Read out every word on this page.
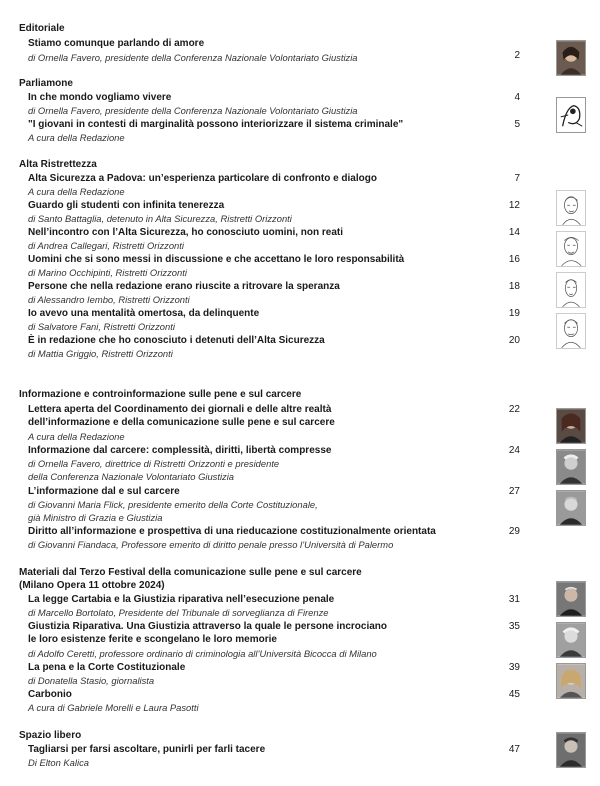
Editoriale
Stiamo comunque parlando di amore
di Ornella Favero, presidente della Conferenza Nazionale Volontariato Giustizia	2
Parliamone
In che mondo vogliamo vivere	4
di Ornella Favero, presidente della Conferenza Nazionale Volontariato Giustizia
"I giovani in contesti di marginalità possono interiorizzare il sistema criminale"	5
A cura della Redazione
Alta Ristrettezza
Alta Sicurezza a Padova: un’esperienza particolare di confronto e dialogo	7
A cura della Redazione
Guardo gli studenti con infinita tenerezza	12
di Santo Battaglia, detenuto in Alta Sicurezza, Ristretti Orizzonti
Nell’incontro con l’Alta Sicurezza, ho conosciuto uomini, non reati	14
di Andrea Callegari, Ristretti Orizzonti
Uomini che si sono messi in discussione e che accettano le loro responsabilità	16
di Marino Occhipinti, Ristretti Orizzonti
Persone che nella redazione erano riuscite a ritrovare la speranza	18
di Alessandro Iembo, Ristretti Orizzonti
Io avevo una mentalità omertosa, da delinquente	19
di Salvatore Fani, Ristretti Orizzonti
È in redazione che ho conosciuto i detenuti dell’Alta Sicurezza	20
di Mattia Griggio, Ristretti Orizzonti
Informazione e controinformazione sulle pene e sul carcere
Lettera aperta del Coordinamento dei giornali e delle altre realtà	22
dell’informazione e della comunicazione sulle pene e sul carcere
A cura della Redazione
Informazione dal carcere: complessità, diritti, libertà compresse	24
di Ornella Favero, direttrice di Ristretti Orizzonti e presidente
della Conferenza Nazionale Volontariato Giustizia
L’informazione dal e sul carcere	27
di Giovanni Maria Flick, presidente emerito della Corte Costituzionale,
già Ministro di Grazia e Giustizia
Diritto all’informazione e prospettiva di una rieducazione costituzionalmente orientata	29
di Giovanni Fiandaca, Professore emerito di diritto penale presso l’Università di Palermo
Materiali dal Terzo Festival della comunicazione sulle pene e sul carcere
(Milano Opera 11 ottobre 2024)
La legge Cartabia e la Giustizia riparativa nell’esecuzione penale	31
di Marcello Bortolato, Presidente del Tribunale di sorveglianza di Firenze
Giustizia Riparativa. Una Giustizia attraverso la quale le persone incrociano	35
le loro esistenze ferite e scongelano le loro memorie
di Adolfo Ceretti, professore ordinario di criminologia all’Università Bicocca di Milano
La pena e la Corte Costituzionale	39
di Donatella Stasio, giornalista
Carbonio	45
A cura di Gabriele Morelli e Laura Pasotti
Spazio libero
Tagliarsi per farsi ascoltare, punirli per farli tacere	47
Di Elton Kalica
